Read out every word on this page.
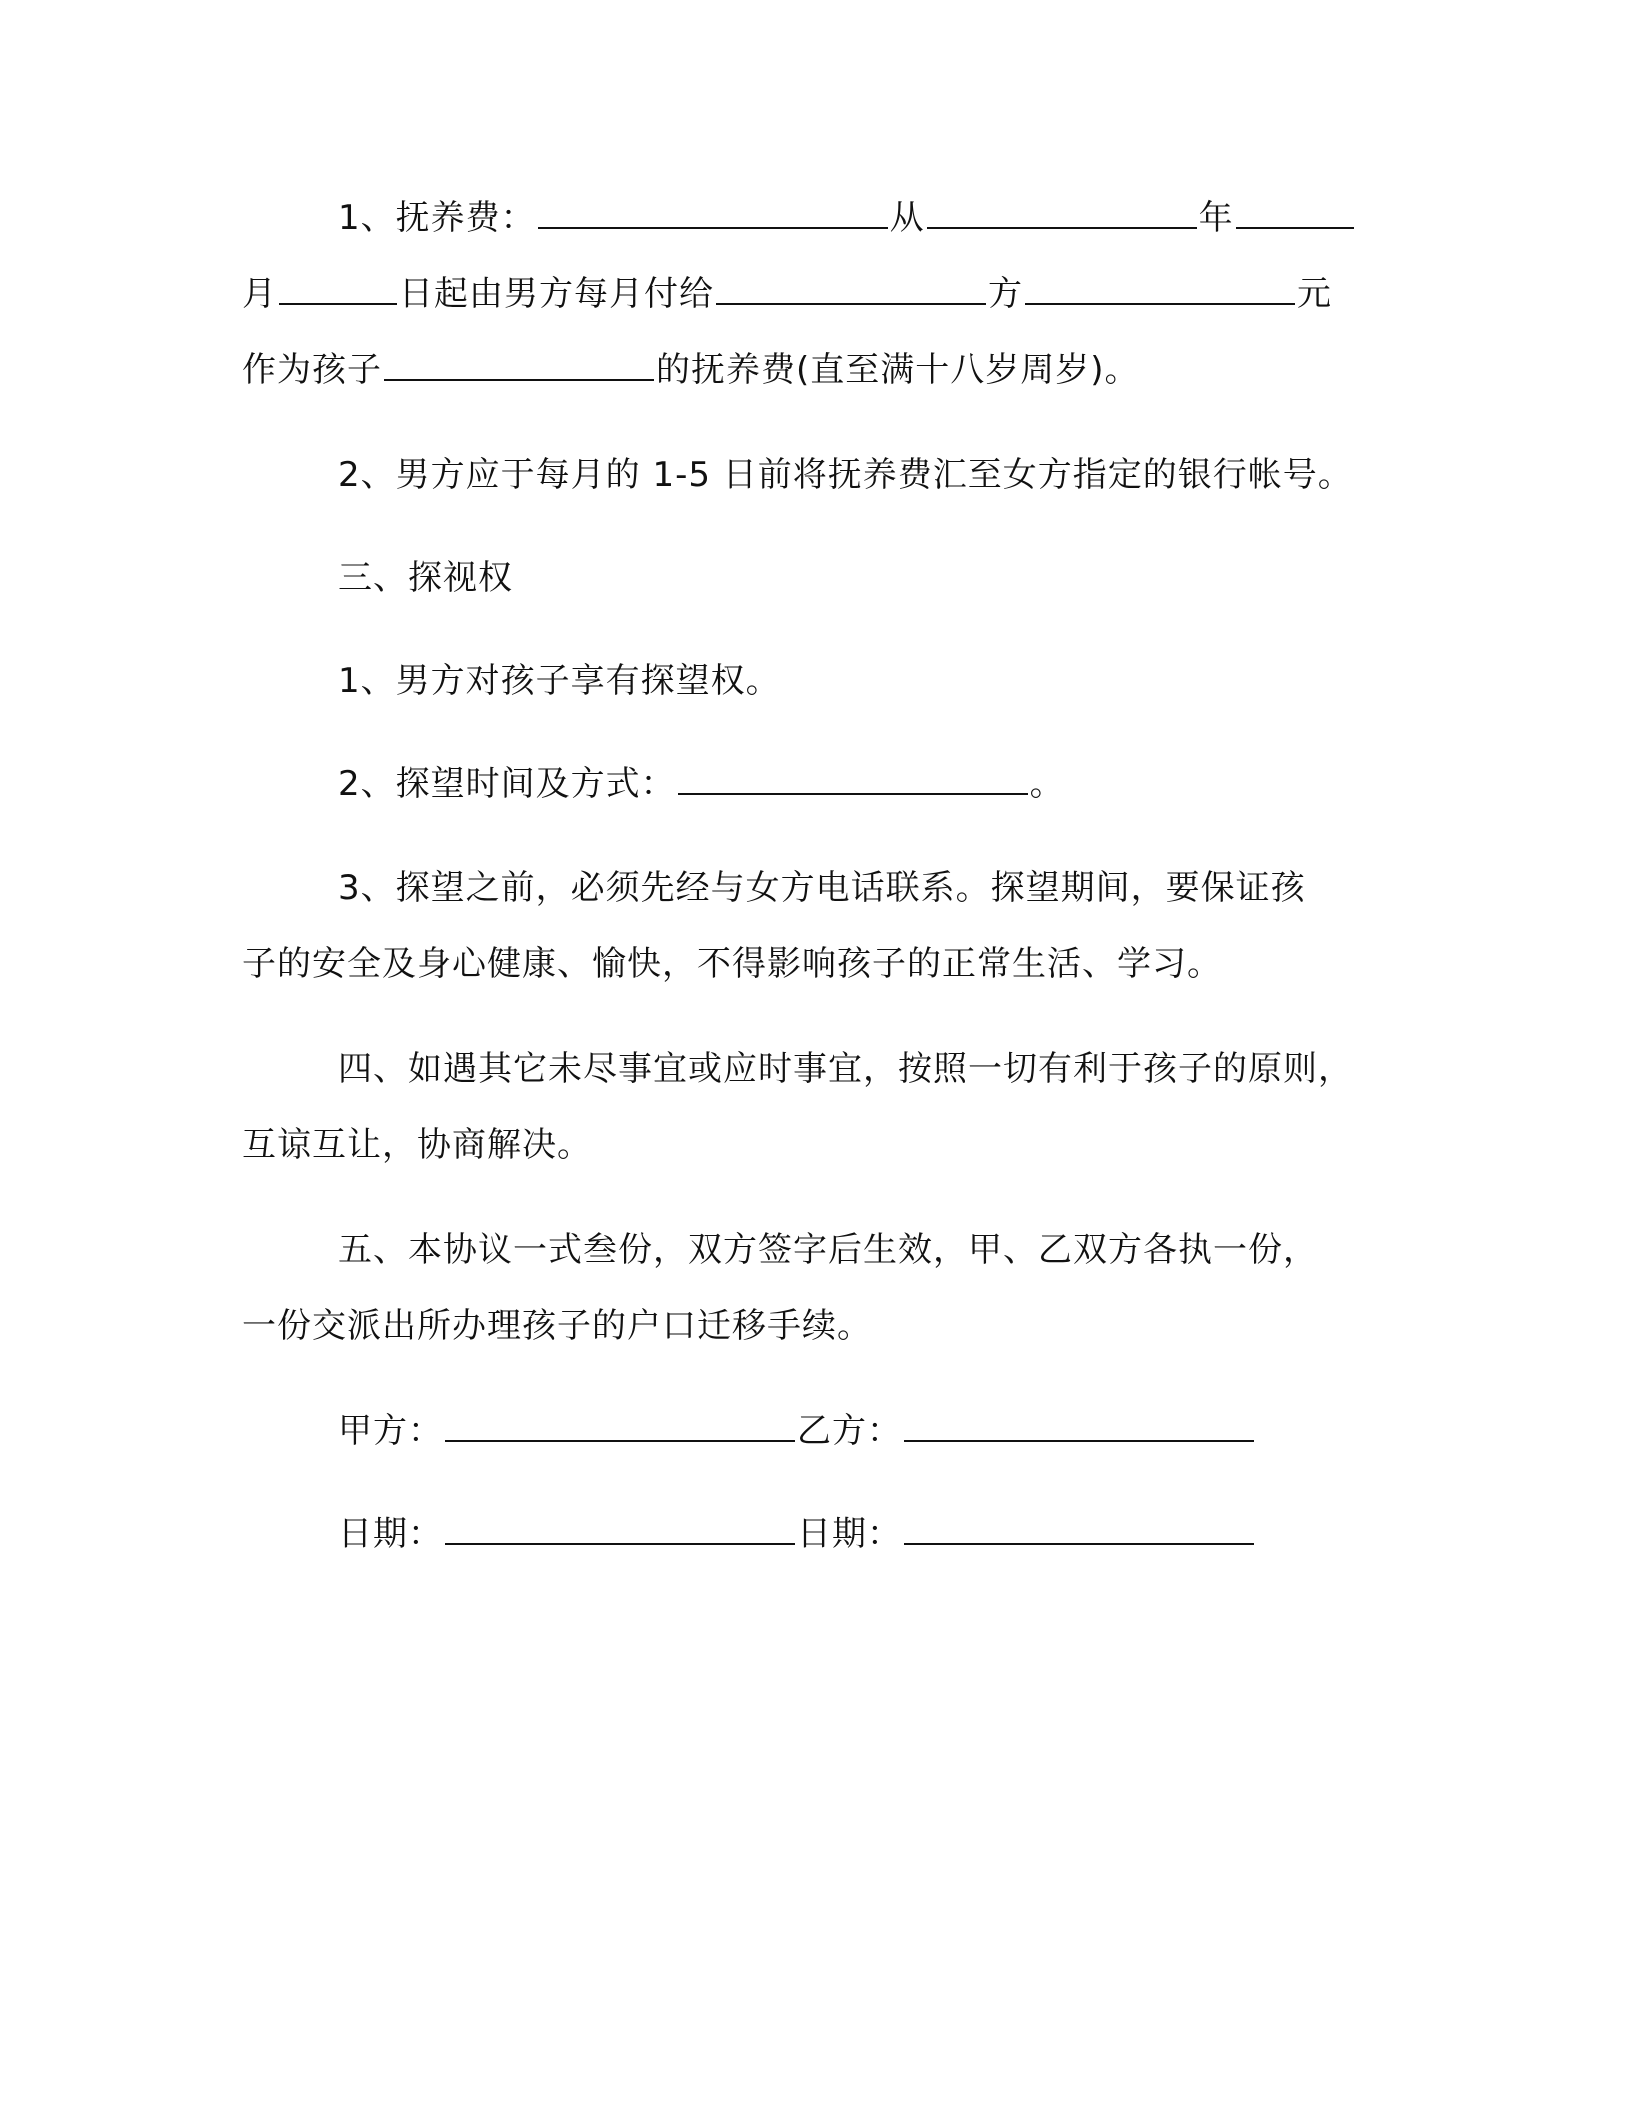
1、抚养费：	从	年
月	日起由男方每月付给	方	元
作为孩子	的抚养费(直至满十八岁周岁)。
2、男方应于每月的 1-5 日前将抚养费汇至女方指定的银行帐号。
三、探视权
1、男方对孩子享有探望权。
2、探望时间及方式：	。
3、探望之前，必须先经与女方电话联系。探望期间，要保证孩
子的安全及身心健康、愉快，不得影响孩子的正常生活、学习。
四、如遇其它未尽事宜或应时事宜，按照一切有利于孩子的原则，
互谅互让，协商解决。
五、本协议一式叁份，双方签字后生效，甲、乙双方各执一份，
一份交派出所办理孩子的户口迁移手续。
甲方：	乙方：
日期：	日期：
